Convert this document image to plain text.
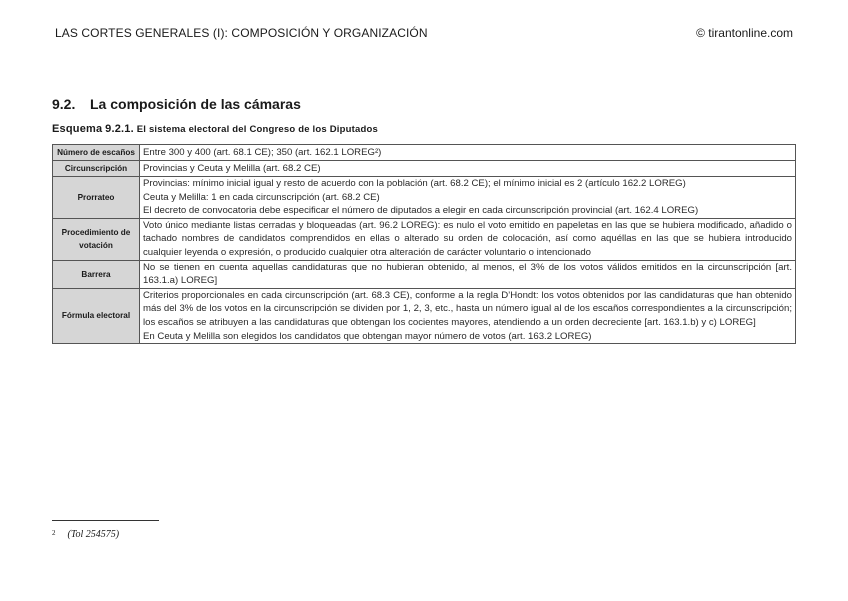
LAS CORTES GENERALES (I): COMPOSICIÓN Y ORGANIZACIÓN	© tirantonline.com
9.2. La composición de las cámaras
Esquema 9.2.1. El sistema electoral del Congreso de los Diputados
Número de escaños	Entre 300 y 400 (art. 68.1 CE); 350 (art. 162.1 LOREG²)

Circunscripción	Provincias y Ceuta y Melilla (art. 68.2 CE)

Prorrateo	Provincias: mínimo inicial igual y resto de acuerdo con la población (art. 68.2 CE); el mínimo inicial es 2 (artículo 162.2 LOREG)
Ceuta y Melilla: 1 en cada circunscripción (art. 68.2 CE)
El decreto de convocatoria debe especificar el número de diputados a elegir en cada circunscripción provincial (art. 162.4 LOREG)

Procedimiento de votación	Voto único mediante listas cerradas y bloqueadas (art. 96.2 LOREG): es nulo el voto emitido en papeletas en las que se hubiera modificado, añadido o tachado nombres de candidatos comprendidos en ellas o alterado su orden de colocación, así como aquéllas en las que se hubiera introducido cualquier leyenda o expresión, o producido cualquier otra alteración de carácter voluntario o intencionado

Barrera	No se tienen en cuenta aquellas candidaturas que no hubieran obtenido, al menos, el 3% de los votos válidos emitidos en la circunscripción [art. 163.1.a) LOREG]

Fórmula electoral	Criterios proporcionales en cada circunscripción (art. 68.3 CE), conforme a la regla D’Hondt: los votos obtenidos por las candidaturas que han obtenido más del 3% de los votos en la circunscripción se dividen por 1, 2, 3, etc., hasta un número igual al de los escaños correspondientes a la circunscripción; los escaños se atribuyen a las candidaturas que obtengan los cocientes mayores, atendiendo a un orden decreciente [art. 163.1.b) y c) LOREG]
En Ceuta y Melilla son elegidos los candidatos que obtengan mayor número de votos (art. 163.2 LOREG)
$^2$ (Tol 254575)
